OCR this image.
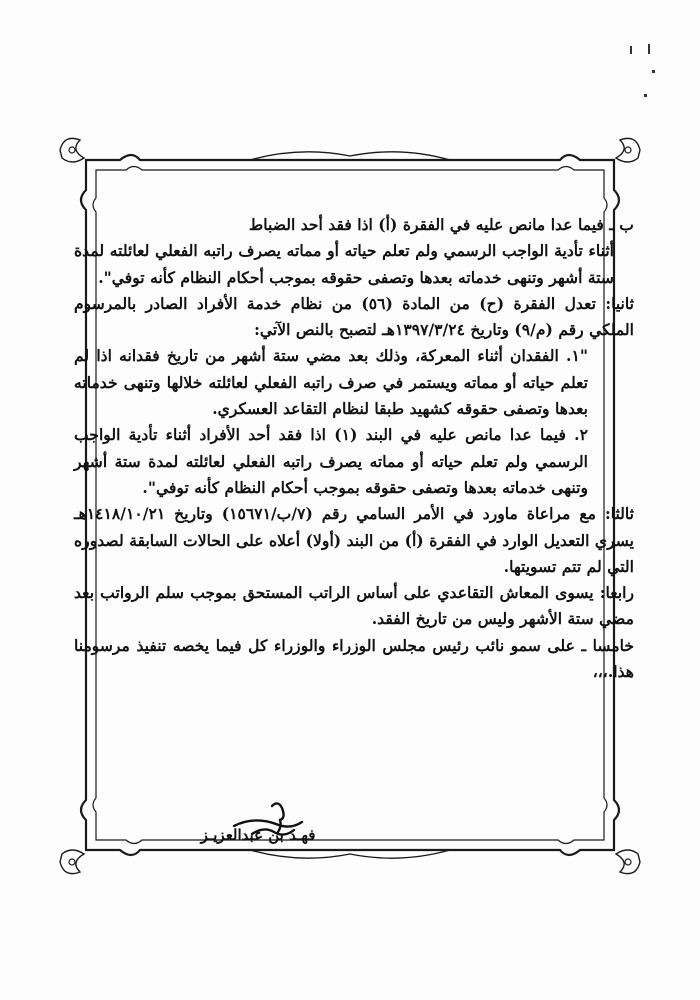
ب ـ فيما عدا مانص عليه في الفقرة (أ) اذا فقد أحد الضباط

أثناء تأدية الواجب الرسمي ولم تعلم حياته أو مماته يصرف راتبه الفعلي لعائلته لمدة ستة أشهر وتنهى خدماته بعدها وتصفى حقوقه بموجب أحكام النظام كأنه توفي".

ثانيا: تعدل الفقرة (ح) من المادة (٥٦) من نظام خدمة الأفراد الصادر بالمرسوم الملكي رقم (م/٩) وتاريخ ١٣٩٧/٣/٢٤هـ لتصبح بالنص الآتي:

"١. الفقدان أثناء المعركة، وذلك بعد مضي ستة أشهر من تاريخ فقدانه اذا لم تعلم حياته أو مماته ويستمر في صرف راتبه الفعلي لعائلته خلالها وتنهى خدماته بعدها وتصفى حقوقه كشهيد طبقا لنظام التقاعد العسكري.

٢. فيما عدا مانص عليه في البند (١) اذا فقد أحد الأفراد أثناء تأدية الواجب الرسمي ولم تعلم حياته أو مماته يصرف راتبه الفعلي لعائلته لمدة ستة أشهر وتنهى خدماته بعدها وتصفى حقوقه بموجب أحكام النظام كأنه توفي".

ثالثا: مع مراعاة ماورد في الأمر السامي رقم (٧/ب/١٥٦٧١) وتاريخ ١٤١٨/١٠/٢١هـ يسري التعديل الوارد في الفقرة (أ) من البند (أولا) أعلاه على الحالات السابقة لصدوره التي لم تتم تسويتها.

رابعا: يسوى المعاش التقاعدي على أساس الراتب المستحق بموجب سلم الرواتب بعد مضي ستة الأشهر وليس من تاريخ الفقد.

خامسا ـ على سمو نائب رئيس مجلس الوزراء والوزراء كل فيما يخصه تنفيذ مرسومنا هذا.،،،

فهـد بن عبدالعزيـز
